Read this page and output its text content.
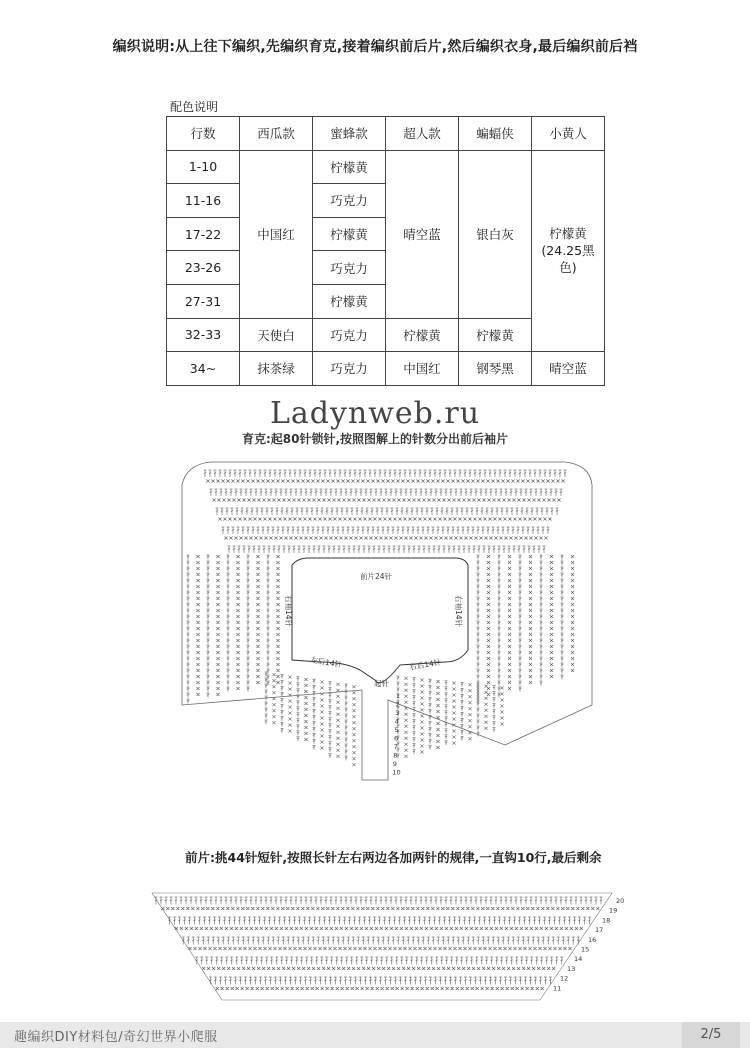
编织说明:从上往下编织,先编织育克,接着编织前后片,然后编织衣身,最后编织前后裆
配色说明
行数	西瓜款	蜜蜂款	超人款	蝙蝠侠	小黄人
1-10	中国红	柠檬黄	晴空蓝	银白灰	柠檬黄
(24.25黑
色)
11-16		巧克力			
17-22		柠檬黄			
23-26		巧克力			
27-31		柠檬黄			
32-33	天使白	巧克力	柠檬黄	柠檬黄	
34~	抹茶绿	巧克力	中国红	钢琴黑	晴空蓝
Ladynweb.ru
育克:起80针锁针,按照图解上的针数分出前后袖片
前片24针
右袖14针	右袖14针
左后14针	右后14针
起针
1
2
3
4
5
6
7
8
9
10
20
19
18
17
16
15
14
13
12
11
前片:挑44针短针,按照长针左右两边各加两针的规律,一直钩10行,最后剩余
趣编织DIY材料包/奇幻世界小爬服	2/5
